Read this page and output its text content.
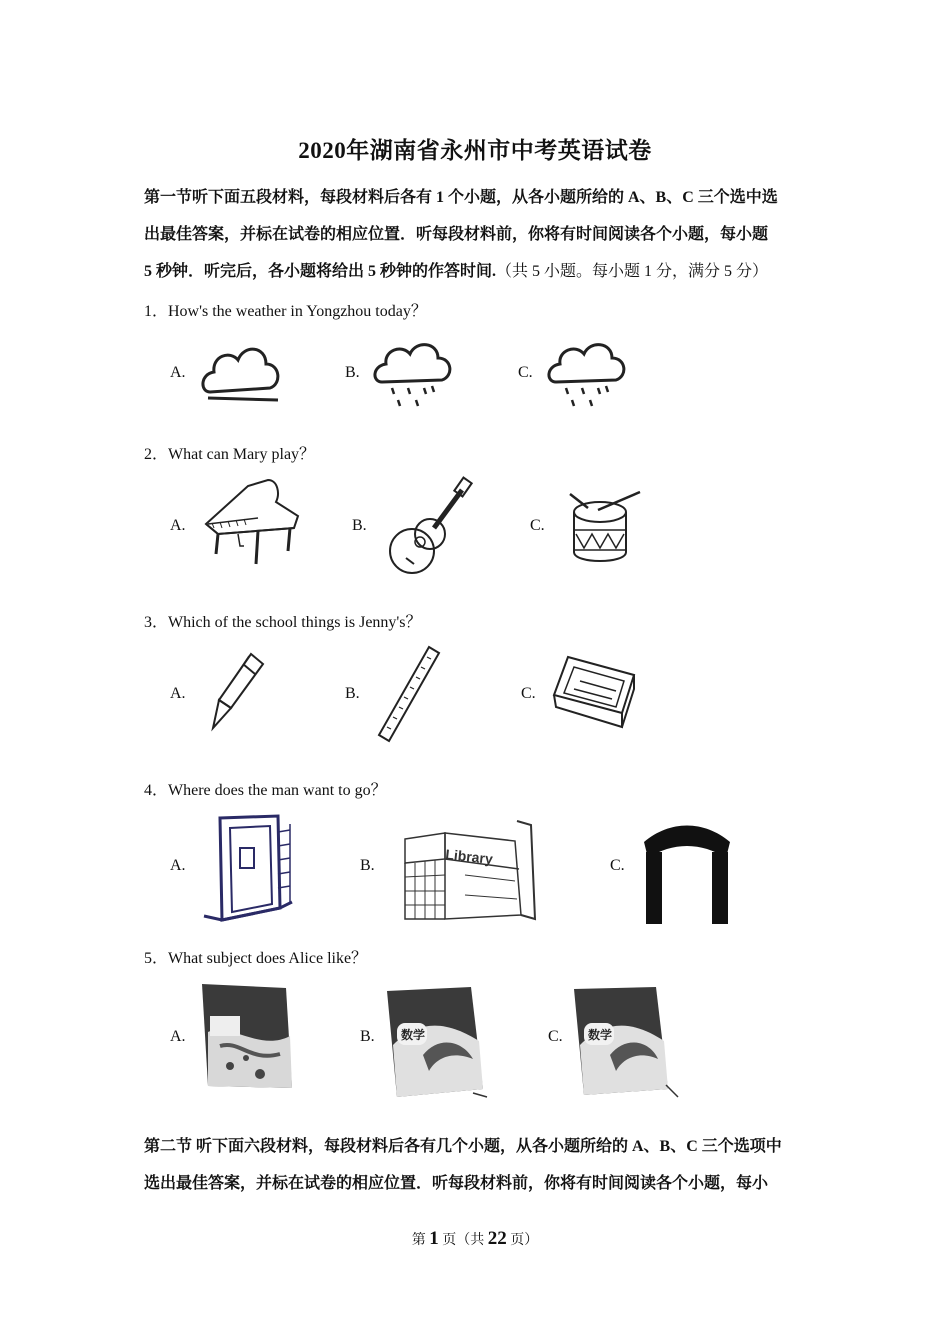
2020年湖南省永州市中考英语试卷
第一节听下面五段材料，每段材料后各有 1 个小题，从各小题所给的 A、B、C 三个选中选
出最佳答案，并标在试卷的相应位置．听每段材料前，你将有时间阅读各个小题，每小题
5 秒钟．听完后，各小题将给出 5 秒钟的作答时间.（共 5 小题。每小题 1 分，满分 5 分）
1．How's the weather in Yongzhou today？
A.	B.	C.
2．What can Mary play？
A.	B.	C.
3．Which of the school things is Jenny's？
A.	B.	C.
4．Where does the man want to go？
A.	B.	C.
Library
5．What subject does Alice like？
A.	B.	C.
数学	数学
第二节 听下面六段材料，每段材料后各有几个小题，从各小题所给的 A、B、C 三个选项中
选出最佳答案，并标在试卷的相应位置．听每段材料前，你将有时间阅读各个小题，每小
第 1 页（共 22 页）
